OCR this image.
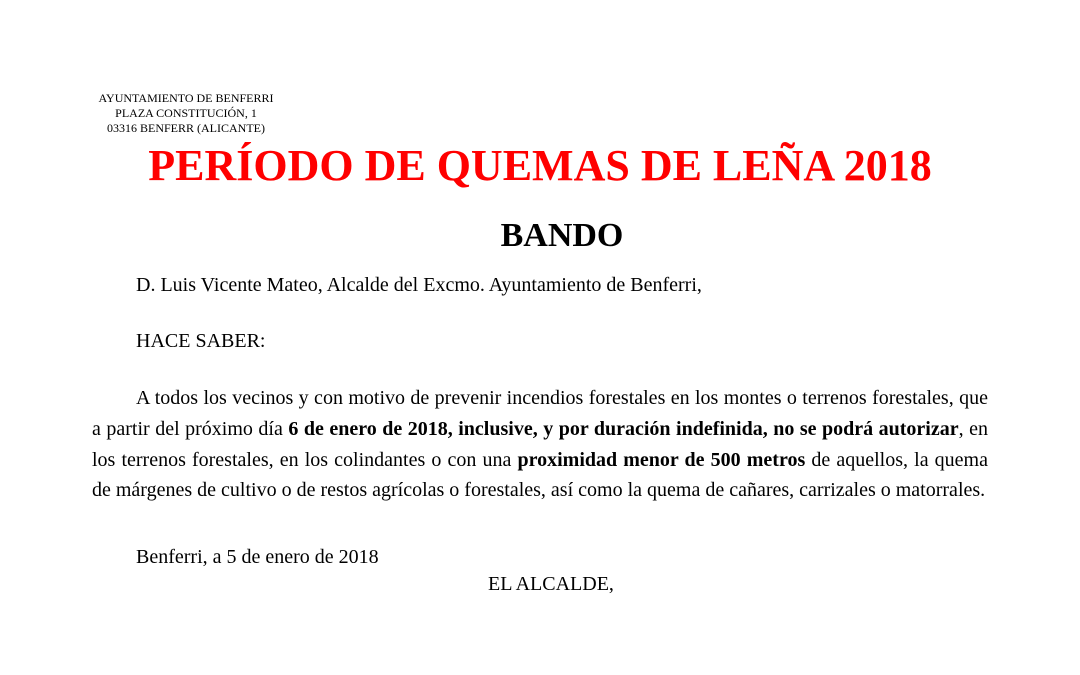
AYUNTAMIENTO DE BENFERRI
PLAZA CONSTITUCIÓN, 1
03316 BENFERR (ALICANTE)
PERÍODO DE QUEMAS DE LEÑA 2018
BANDO
D. Luis Vicente Mateo, Alcalde del Excmo. Ayuntamiento de Benferri,
HACE SABER:

A todos los vecinos y con motivo de prevenir incendios forestales en los montes o terrenos forestales, que a partir del próximo día 6 de enero de 2018, inclusive, y por duración indefinida, no se podrá autorizar, en los terrenos forestales, en los colindantes o con una proximidad menor de 500 metros de aquellos, la quema de márgenes de cultivo o de restos agrícolas o forestales, así como la quema de cañares, carrizales o matorrales.

Benferri, a 5 de enero de 2018
EL ALCALDE,
